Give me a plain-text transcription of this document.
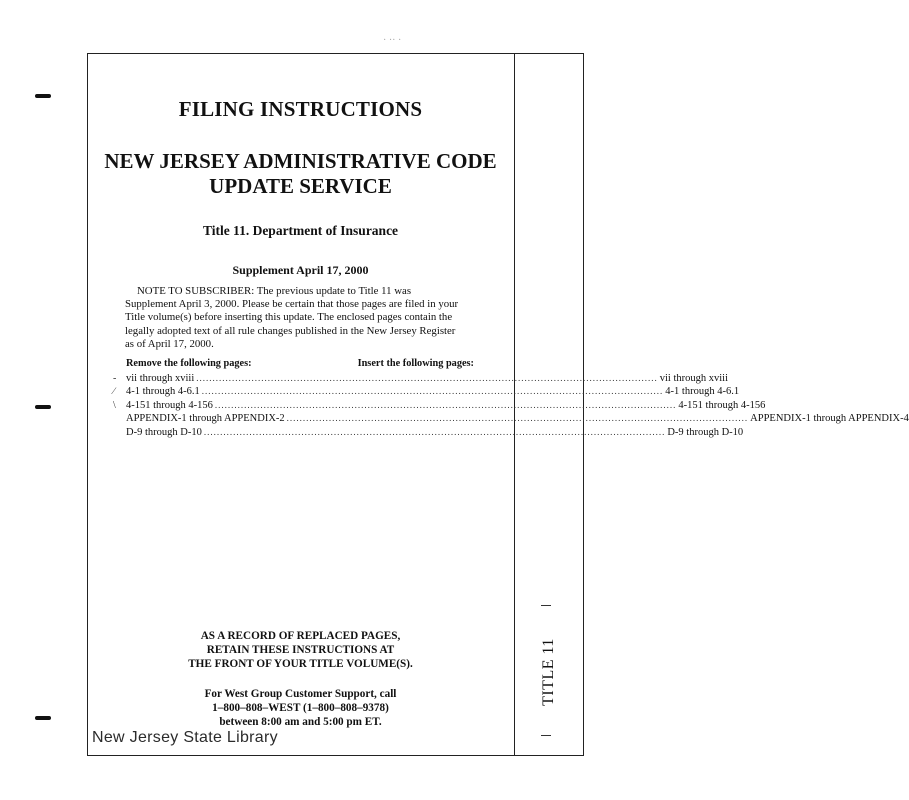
· ·· ·
FILING INSTRUCTIONS
NEW JERSEY ADMINISTRATIVE CODE
UPDATE SERVICE
Title 11. Department of Insurance
Supplement April 17, 2000

NOTE TO SUBSCRIBER: The previous update to Title 11 was

Supplement April 3, 2000. Please be certain that those pages are filed in your

Title volume(s) before inserting this update. The enclosed pages contain the

legally adopted text of all rule changes published in the New Jersey Register

as of April 17, 2000.

Remove the following pages:	Insert the following pages:
vii through xviii .............................................................................................................................................. vii through xviii
4-1 through 4-6.1 .............................................................................................................................................. 4-1 through 4-6.1
4-151 through 4-156 .............................................................................................................................................. 4-151 through 4-156
APPENDIX-1 through APPENDIX-2 .............................................................................................................................................. APPENDIX-1 through APPENDIX-4
D-9 through D-10 .............................................................................................................................................. D-9 through D-10
‐
∕
\
AS A RECORD OF REPLACED PAGES,
RETAIN THESE INSTRUCTIONS AT
THE FRONT OF YOUR TITLE VOLUME(S).
For West Group Customer Support, call
1–800–808–WEST (1–800–808–9378)
between 8:00 am and 5:00 pm ET.
New Jersey State Library
TITLE 11
